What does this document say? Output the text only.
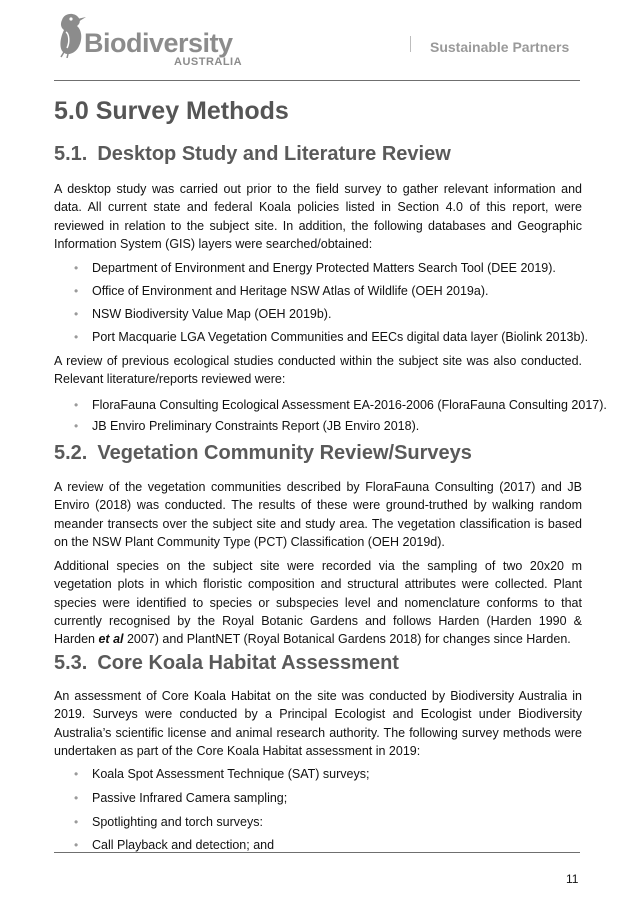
Biodiversity
AUSTRALIA
Sustainable Partners
5.0 Survey Methods
5.1. Desktop Study and Literature Review

A desktop study was carried out prior to the field survey to gather relevant information and data. All current state and federal Koala policies listed in Section 4.0 of this report, were reviewed in relation to the subject site. In addition, the following databases and Geographic Information System (GIS) layers were searched/obtained:

• Department of Environment and Energy Protected Matters Search Tool (DEE 2019).
• Office of Environment and Heritage NSW Atlas of Wildlife (OEH 2019a).
• NSW Biodiversity Value Map (OEH 2019b).
• Port Macquarie LGA Vegetation Communities and EECs digital data layer (Biolink 2013b).

A review of previous ecological studies conducted within the subject site was also conducted. Relevant literature/reports reviewed were:

• FloraFauna Consulting Ecological Assessment EA-2016-2006 (FloraFauna Consulting 2017).
• JB Enviro Preliminary Constraints Report (JB Enviro 2018).
5.2. Vegetation Community Review/Surveys

A review of the vegetation communities described by FloraFauna Consulting (2017) and JB Enviro (2018) was conducted. The results of these were ground-truthed by walking random meander transects over the subject site and study area. The vegetation classification is based on the NSW Plant Community Type (PCT) Classification (OEH 2019d).

Additional species on the subject site were recorded via the sampling of two 20x20 m vegetation plots in which floristic composition and structural attributes were collected. Plant species were identified to species or subspecies level and nomenclature conforms to that currently recognised by the Royal Botanic Gardens and follows Harden (Harden 1990 & Harden et al 2007) and PlantNET (Royal Botanical Gardens 2018) for changes since Harden.

5.3. Core Koala Habitat Assessment

An assessment of Core Koala Habitat on the site was conducted by Biodiversity Australia in 2019. Surveys were conducted by a Principal Ecologist and Ecologist under Biodiversity Australia’s scientific license and animal research authority. The following survey methods were undertaken as part of the Core Koala Habitat assessment in 2019:

• Koala Spot Assessment Technique (SAT) surveys;
• Passive Infrared Camera sampling;
• Spotlighting and torch surveys:
• Call Playback and detection; and
11
